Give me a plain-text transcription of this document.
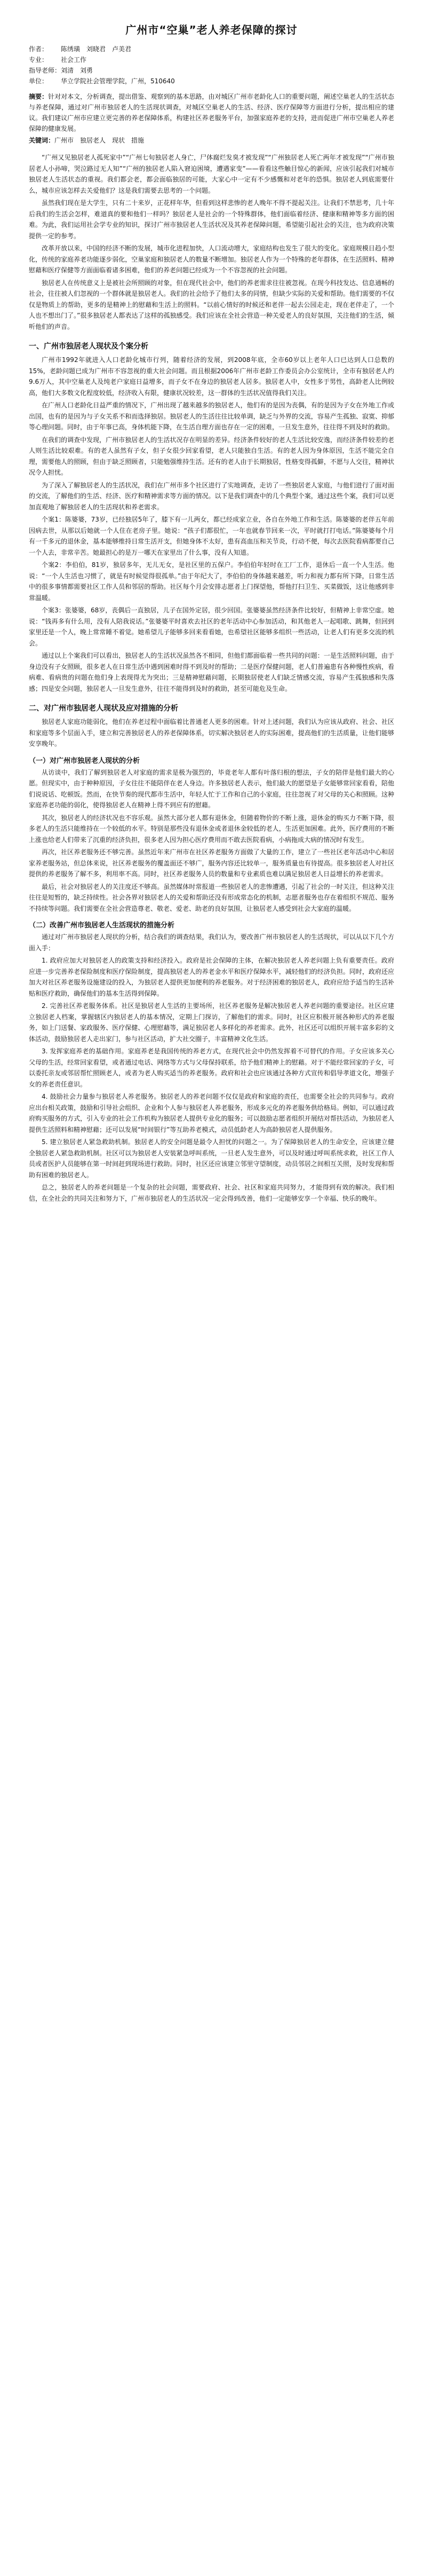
广州市“空巢”老人养老保障的探讨
作者： 陈绣璜　刘晓君　卢美君
专业： 社会工作
指导老师：刘清　刘勇
单位： 华立学院社会管理学院，广州，510640

摘要：针对对本文，分析调查，提出借鉴、观察到的基本思路，由对城区广州市老龄化人口的重要问题，阐述空巢老人的生活状态与养老保障，通过对广州市独居老人的生活现状调查，对城区空巢老人的生活、经济、医疗保障等方面进行分析，提出相应的建议。我们建议广州市应建立更完善的养老保障体系，构建社区养老服务平台，加强家庭养老的支持，进而促进广州市空巢老人养老保障的健康发展。

关键词：广州市　独居老人　现状　措施

“广州又见独居老人孤死家中”“广州七旬独居老人身亡，尸体腐烂发臭才被发现”“广州独居老人死亡两年才被发现”“广州市独居老人小孙啼，哭泣路过无人知”“广州的独居老人陷入窘迫困境，遭遇家变”——看看这些触目惊心的新闻，应该引起我们对城市独居老人生活状态的重视。我们都会老，都会面临独居的可能，大家心中一定有不少感慨和对老年的恐惧。独居老人到底需要什么，城市应该怎样去关爱他们？这是我们需要去思考的一个问题。

虽然我们现在是大学生，只有二十来岁，正花样年华，但看到这样悲惨的老人晚年不得不提起关注。让我们不禁思考，几十年后我们的生活会怎样，难道真的要和他们一样吗？独居老人是社会的一个特殊群体，他们面临着经济、健康和精神等多方面的困难。为此，我们运用社会学专业的知识，探讨广州市独居老人生活状况及其养老保障问题，希望能引起社会的关注，也为政府决策提供一定的参考。

改革开放以来，中国的经济不断的发展，城市化进程加快，人口流动增大，家庭结构也发生了很大的变化。家庭规模日趋小型化，传统的家庭养老功能逐步弱化，空巢家庭和独居老人的数量不断增加。独居老人作为一个特殊的老年群体，在生活照料、精神慰藉和医疗保健等方面面临着诸多困难，他们的养老问题已经成为一个不容忽视的社会问题。

独居老人在传统意义上是被社会所照顾的对象，但在现代社会中，他们的养老需求往往被忽视。在现今科技发达、信息通畅的社会，往往被人们忽视的一个群体就是独居老人。我们的社会给予了他们太多的同情，但缺少实际的关爱和帮助。他们需要的不仅仅是物质上的帮助，更多的是精神上的慰藉和生活上的照料。“以前心情好的时候还和老伴一起去公园走走，现在老伴走了，一个人也不想出门了。”很多独居老人都表达了这样的孤独感受。我们应该在全社会营造一种关爱老人的良好氛围，关注他们的生活，倾听他们的声音。

一、广州市独居老人现状及个案分析

广州市1992年就进入人口老龄化城市行列，随着经济的发展，到2008年底，全市60岁以上老年人口已达到人口总数的15%，老龄问题已成为广州市不容忽视的重大社会问题。而且根据2006年广州市老龄工作委员会办公室统计，全市有独居老人约9.6万人，其中空巢老人及纯老户家庭日益增多，而子女不在身边的独居老人居多。独居老人中，女性多于男性，高龄老人比例较高，他们大多数文化程度较低，经济收入有限，健康状况较差，这一群体的生活状况值得我们关注。

在广州人口老龄化日益严重的情况下，广州出现了越来越多的独居老人，他们有的是因为丧偶，有的是因为子女在外地工作或出国，也有的是因为与子女关系不和而选择独居。独居老人的生活往往比较单调，缺乏与外界的交流，容易产生孤独、寂寞、抑郁等心理问题。同时，由于年事已高，身体机能下降，在生活自理方面也存在一定的困难，一旦发生意外，往往得不到及时的救助。

在我们的调查中发现，广州市独居老人的生活状况存在明显的差异。经济条件较好的老人生活比较安逸，而经济条件较差的老人则生活比较艰难。有的老人虽然有子女，但子女很少回家看望，老人只能独自生活。有的老人因为身体原因，生活不能完全自理，需要他人的照顾，但由于缺乏照顾者，只能勉强维持生活。还有的老人由于长期独居，性格变得孤僻，不愿与人交往，精神状况令人担忧。

为了深入了解独居老人的生活状况，我们在广州市多个社区进行了实地调查，走访了一些独居老人家庭，与他们进行了面对面的交流，了解他们的生活、经济、医疗和精神需求等方面的情况。以下是我们调查中的几个典型个案，通过这些个案，我们可以更加直观地了解独居老人的生活现状和养老需求。

个案1：陈婆婆，73岁，已经独居5年了，膝下有一儿两女，都已经成家立业，各自在外地工作和生活。陈婆婆的老伴五年前因病去世，从那以后她就一个人住在老房子里。她说：“孩子们都很忙，一年也就春节回来一次，平时就打打电话。”陈婆婆每个月有一千多元的退休金，基本能够维持日常生活开支，但她身体不太好，患有高血压和关节炎，行动不便，每次去医院看病都要自己一个人去，非常辛苦。她最担心的是万一哪天在家里出了什么事，没有人知道。

个案2：李伯伯，81岁，独居多年，无儿无女，是社区里的五保户。李伯伯年轻时在工厂工作，退休后一直一个人生活。他说：“一个人生活也习惯了，就是有时候觉得很孤单。”由于年纪大了，李伯伯的身体越来越差，听力和视力都有所下降，日常生活中的很多事情都需要社区工作人员和邻居的帮助。社区每个月会安排志愿者上门探望他，帮他打扫卫生、买菜做饭，这让他感到非常温暖。

个案3：张婆婆，68岁，丧偶后一直独居，儿子在国外定居，很少回国。张婆婆虽然经济条件比较好，但精神上非常空虚。她说：“钱再多有什么用，没有人陪我说话。”张婆婆平时喜欢去社区的老年活动中心参加活动，和其他老人一起唱歌、跳舞，但回到家里还是一个人，晚上常常睡不着觉。她希望儿子能够多回来看看她，也希望社区能够多组织一些活动，让老人们有更多交流的机会。

通过以上个案我们可以看出，独居老人的生活状况虽然各不相同，但他们都面临着一些共同的问题：一是生活照料问题，由于身边没有子女照顾，很多老人在日常生活中遇到困难时得不到及时的帮助；二是医疗保健问题，老人们普遍患有各种慢性疾病，看病难、看病贵的问题在他们身上表现得尤为突出；三是精神慰藉问题，长期独居使老人们缺乏情感交流，容易产生孤独感和失落感；四是安全问题，独居老人一旦发生意外，往往不能得到及时的救助，甚至可能危及生命。

二、对广州市独居老人现状及应对措施的分析

独居老人家庭功能弱化，他们在养老过程中面临着比普通老人更多的困难。针对上述问题，我们认为应该从政府、社会、社区和家庭等多个层面入手，建立和完善独居老人的养老保障体系，切实解决独居老人的实际困难，提高他们的生活质量，让他们能够安享晚年。

（一）对广州市独居老人现状的分析

从访谈中，我们了解到独居老人对家庭的需求是极为强烈的，毕竟老年人都有叶落归根的想法，子女的陪伴是他们最大的心愿。但现实中，由于种种原因，子女往往不能陪伴在老人身边。许多独居老人表示，他们最大的愿望是子女能够常回家看看，陪他们说说话、吃顿饭。然而，在快节奏的现代都市生活中，年轻人忙于工作和自己的小家庭，往往忽视了对父母的关心和照顾。这种家庭养老功能的弱化，使得独居老人在精神上得不到应有的慰藉。

其次，独居老人的经济状况也不容乐观。虽然大部分老人都有退休金，但随着物价的不断上涨，退休金的购买力不断下降，很多老人的生活只能维持在一个较低的水平。特别是那些没有退休金或者退休金较低的老人，生活更加困难。此外，医疗费用的不断上涨也给老人们带来了沉重的经济负担，很多老人因为担心医疗费用而不敢去医院看病，小病拖成大病的情况时有发生。

再次，社区养老服务还不够完善。虽然近年来广州市在社区养老服务方面做了大量的工作，建立了一些社区老年活动中心和居家养老服务站，但总体来说，社区养老服务的覆盖面还不够广，服务内容还比较单一，服务质量也有待提高。很多独居老人对社区提供的养老服务了解不多，利用率不高。同时，社区养老服务人员的数量和专业素质也难以满足独居老人日益增长的养老需求。

最后，社会对独居老人的关注度还不够高。虽然媒体时常报道一些独居老人的悲惨遭遇，引起了社会的一时关注，但这种关注往往是短暂的，缺乏持续性。社会各界对独居老人的关爱和帮助还没有形成常态化的机制，志愿者服务也存在着组织不规范、服务不持续等问题。我们需要在全社会营造尊老、敬老、爱老、助老的良好氛围，让独居老人感受到社会大家庭的温暖。

（二）改善广州市独居老人生活现状的措施分析

通过对广州市独居老人现状的分析，结合我们的调查结果，我们认为，要改善广州市独居老人的生活现状，可以从以下几个方面入手：

1. 政府应加大对独居老人的政策支持和经济投入。政府是社会保障的主体，在解决独居老人养老问题上负有重要责任。政府应进一步完善养老保险制度和医疗保险制度，提高独居老人的养老金水平和医疗保障水平，减轻他们的经济负担。同时，政府还应加大对社区养老服务设施建设的投入，为独居老人提供更加便利的养老服务。对于经济困难的独居老人，政府应给予适当的生活补贴和医疗救助，确保他们的基本生活得到保障。

2. 完善社区养老服务体系。社区是独居老人生活的主要场所，社区养老服务是解决独居老人养老问题的重要途径。社区应建立独居老人档案，掌握辖区内独居老人的基本情况，定期上门探访，了解他们的需求。同时，社区应积极开展各种形式的养老服务，如上门送餐、家政服务、医疗保健、心理慰藉等，满足独居老人多样化的养老需求。此外，社区还可以组织开展丰富多彩的文体活动，鼓励独居老人走出家门，参与社区活动，扩大社交圈子，丰富精神文化生活。

3. 发挥家庭养老的基础作用。家庭养老是我国传统的养老方式，在现代社会中仍然发挥着不可替代的作用。子女应该多关心父母的生活，经常回家看望，或者通过电话、网络等方式与父母保持联系，给予他们精神上的慰藉。对于不能经常回家的子女，可以委托亲友或邻居帮忙照顾老人，或者为老人购买适当的养老服务。政府和社会也应该通过各种方式宣传和倡导孝道文化，增强子女的养老责任意识。

4. 鼓励社会力量参与独居老人养老服务。独居老人的养老问题不仅仅是政府和家庭的责任，也需要全社会的共同参与。政府应出台相关政策，鼓励和引导社会组织、企业和个人参与独居老人养老服务，形成多元化的养老服务供给格局。例如，可以通过政府购买服务的方式，引入专业的社会工作机构为独居老人提供专业化的服务；可以鼓励志愿者组织开展结对帮扶活动，为独居老人提供生活照料和精神慰藉；还可以发展“时间银行”等互助养老模式，动员低龄老人为高龄独居老人提供服务。

5. 建立独居老人紧急救助机制。独居老人的安全问题是最令人担忧的问题之一。为了保障独居老人的生命安全，应该建立健全独居老人紧急救助机制。社区可以为独居老人安装紧急呼叫系统，一旦老人发生意外，可以及时通过呼叫系统求救，社区工作人员或者医护人员能够在第一时间赶到现场进行救助。同时，社区还应该建立邻里守望制度，动员邻居之间相互关照，及时发现和帮助有困难的独居老人。

总之，独居老人的养老问题是一个复杂的社会问题，需要政府、社会、社区和家庭共同努力，才能得到有效的解决。我们相信，在全社会的共同关注和努力下，广州市独居老人的生活状况一定会得到改善，他们一定能够安享一个幸福、快乐的晚年。
